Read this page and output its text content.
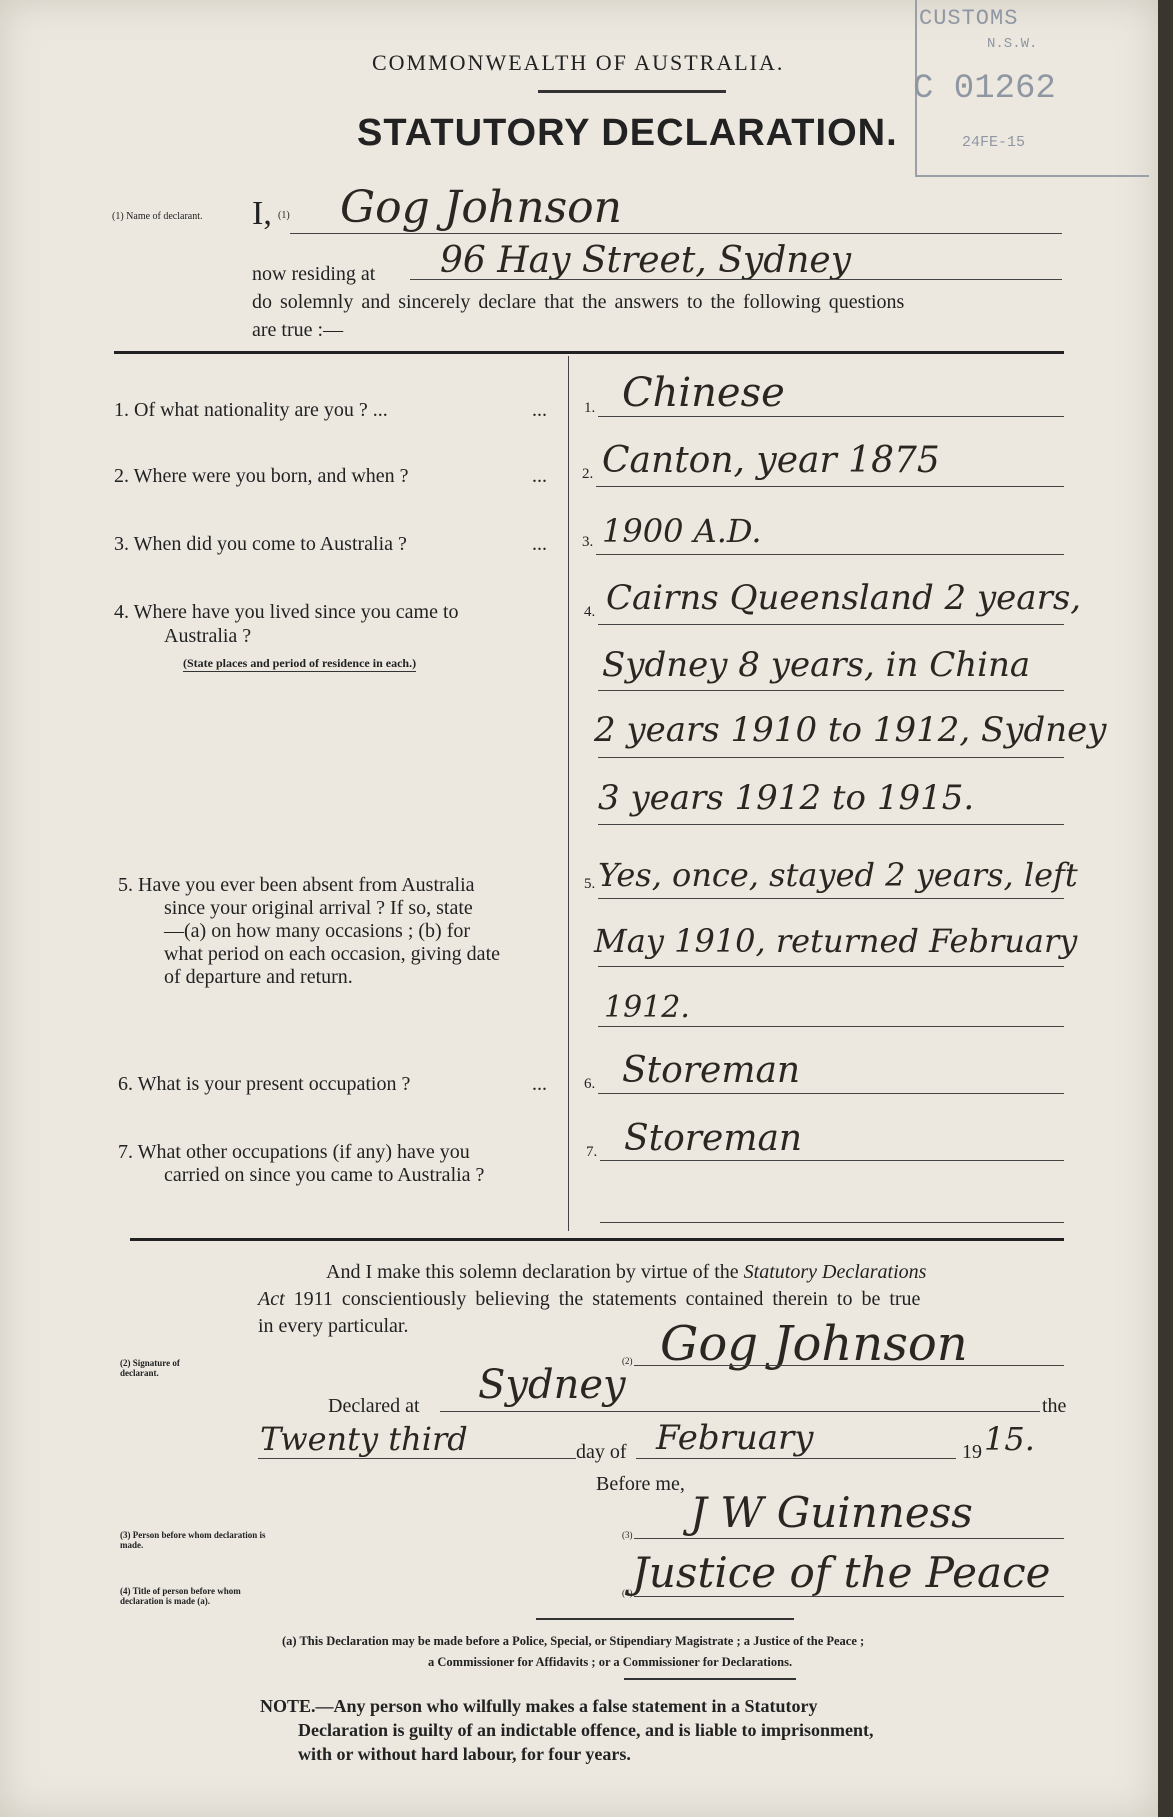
CUSTOMS
N.S.W.
C 01262
24FE-15
COMMONWEALTH OF AUSTRALIA.
STATUTORY DECLARATION.
(1) Name of declarant. I, (1) Gog Johnson
now residing at 96 Hay Street, Sydney
do solemnly and sincerely declare that the answers to the following questions
are true :—
1. Of what nationality are you ? ...	... 1. Chinese
2. Where were you born, and when ?	... 2. Canton, year 1875
3. When did you come to Australia ?	... 3. 1900 A.D.
4. Where have you lived since you came to
Australia ?
(State places and period of residence in each.)
4. Cairns Queensland 2 years,
Sydney 8 years, in China
2 years 1910 to 1912, Sydney
3 years 1912 to 1915.
5. Have you ever been absent from Australia
since your original arrival ? If so, state
—(a) on how many occasions ; (b) for
what period on each occasion, giving date
of departure and return.
5. Yes, once, stayed 2 years, left
May 1910, returned February
1912.
6. What is your present occupation ?	... 6. Storeman
7. What other occupations (if any) have you
carried on since you came to Australia ?
7. Storeman
And I make this solemn declaration by virtue of the Statutory Declarations
Act 1911 conscientiously believing the statements contained therein to be true
in every particular.
(2) Signature of declarant.
(2) Gog Johnson
Declared at Sydney	the
Twenty third	day of February	19 15.
Before me,
(3) Person before whom declaration is made.
(3) J W Guinness
(4) Title of person before whom declaration is made (a).
(4) Justice of the Peace
(a) This Declaration may be made before a Police, Special, or Stipendiary Magistrate ; a Justice of the Peace ;
a Commissioner for Affidavits ; or a Commissioner for Declarations.
NOTE.—Any person who wilfully makes a false statement in a Statutory
Declaration is guilty of an indictable offence, and is liable to imprisonment,
with or without hard labour, for four years.
